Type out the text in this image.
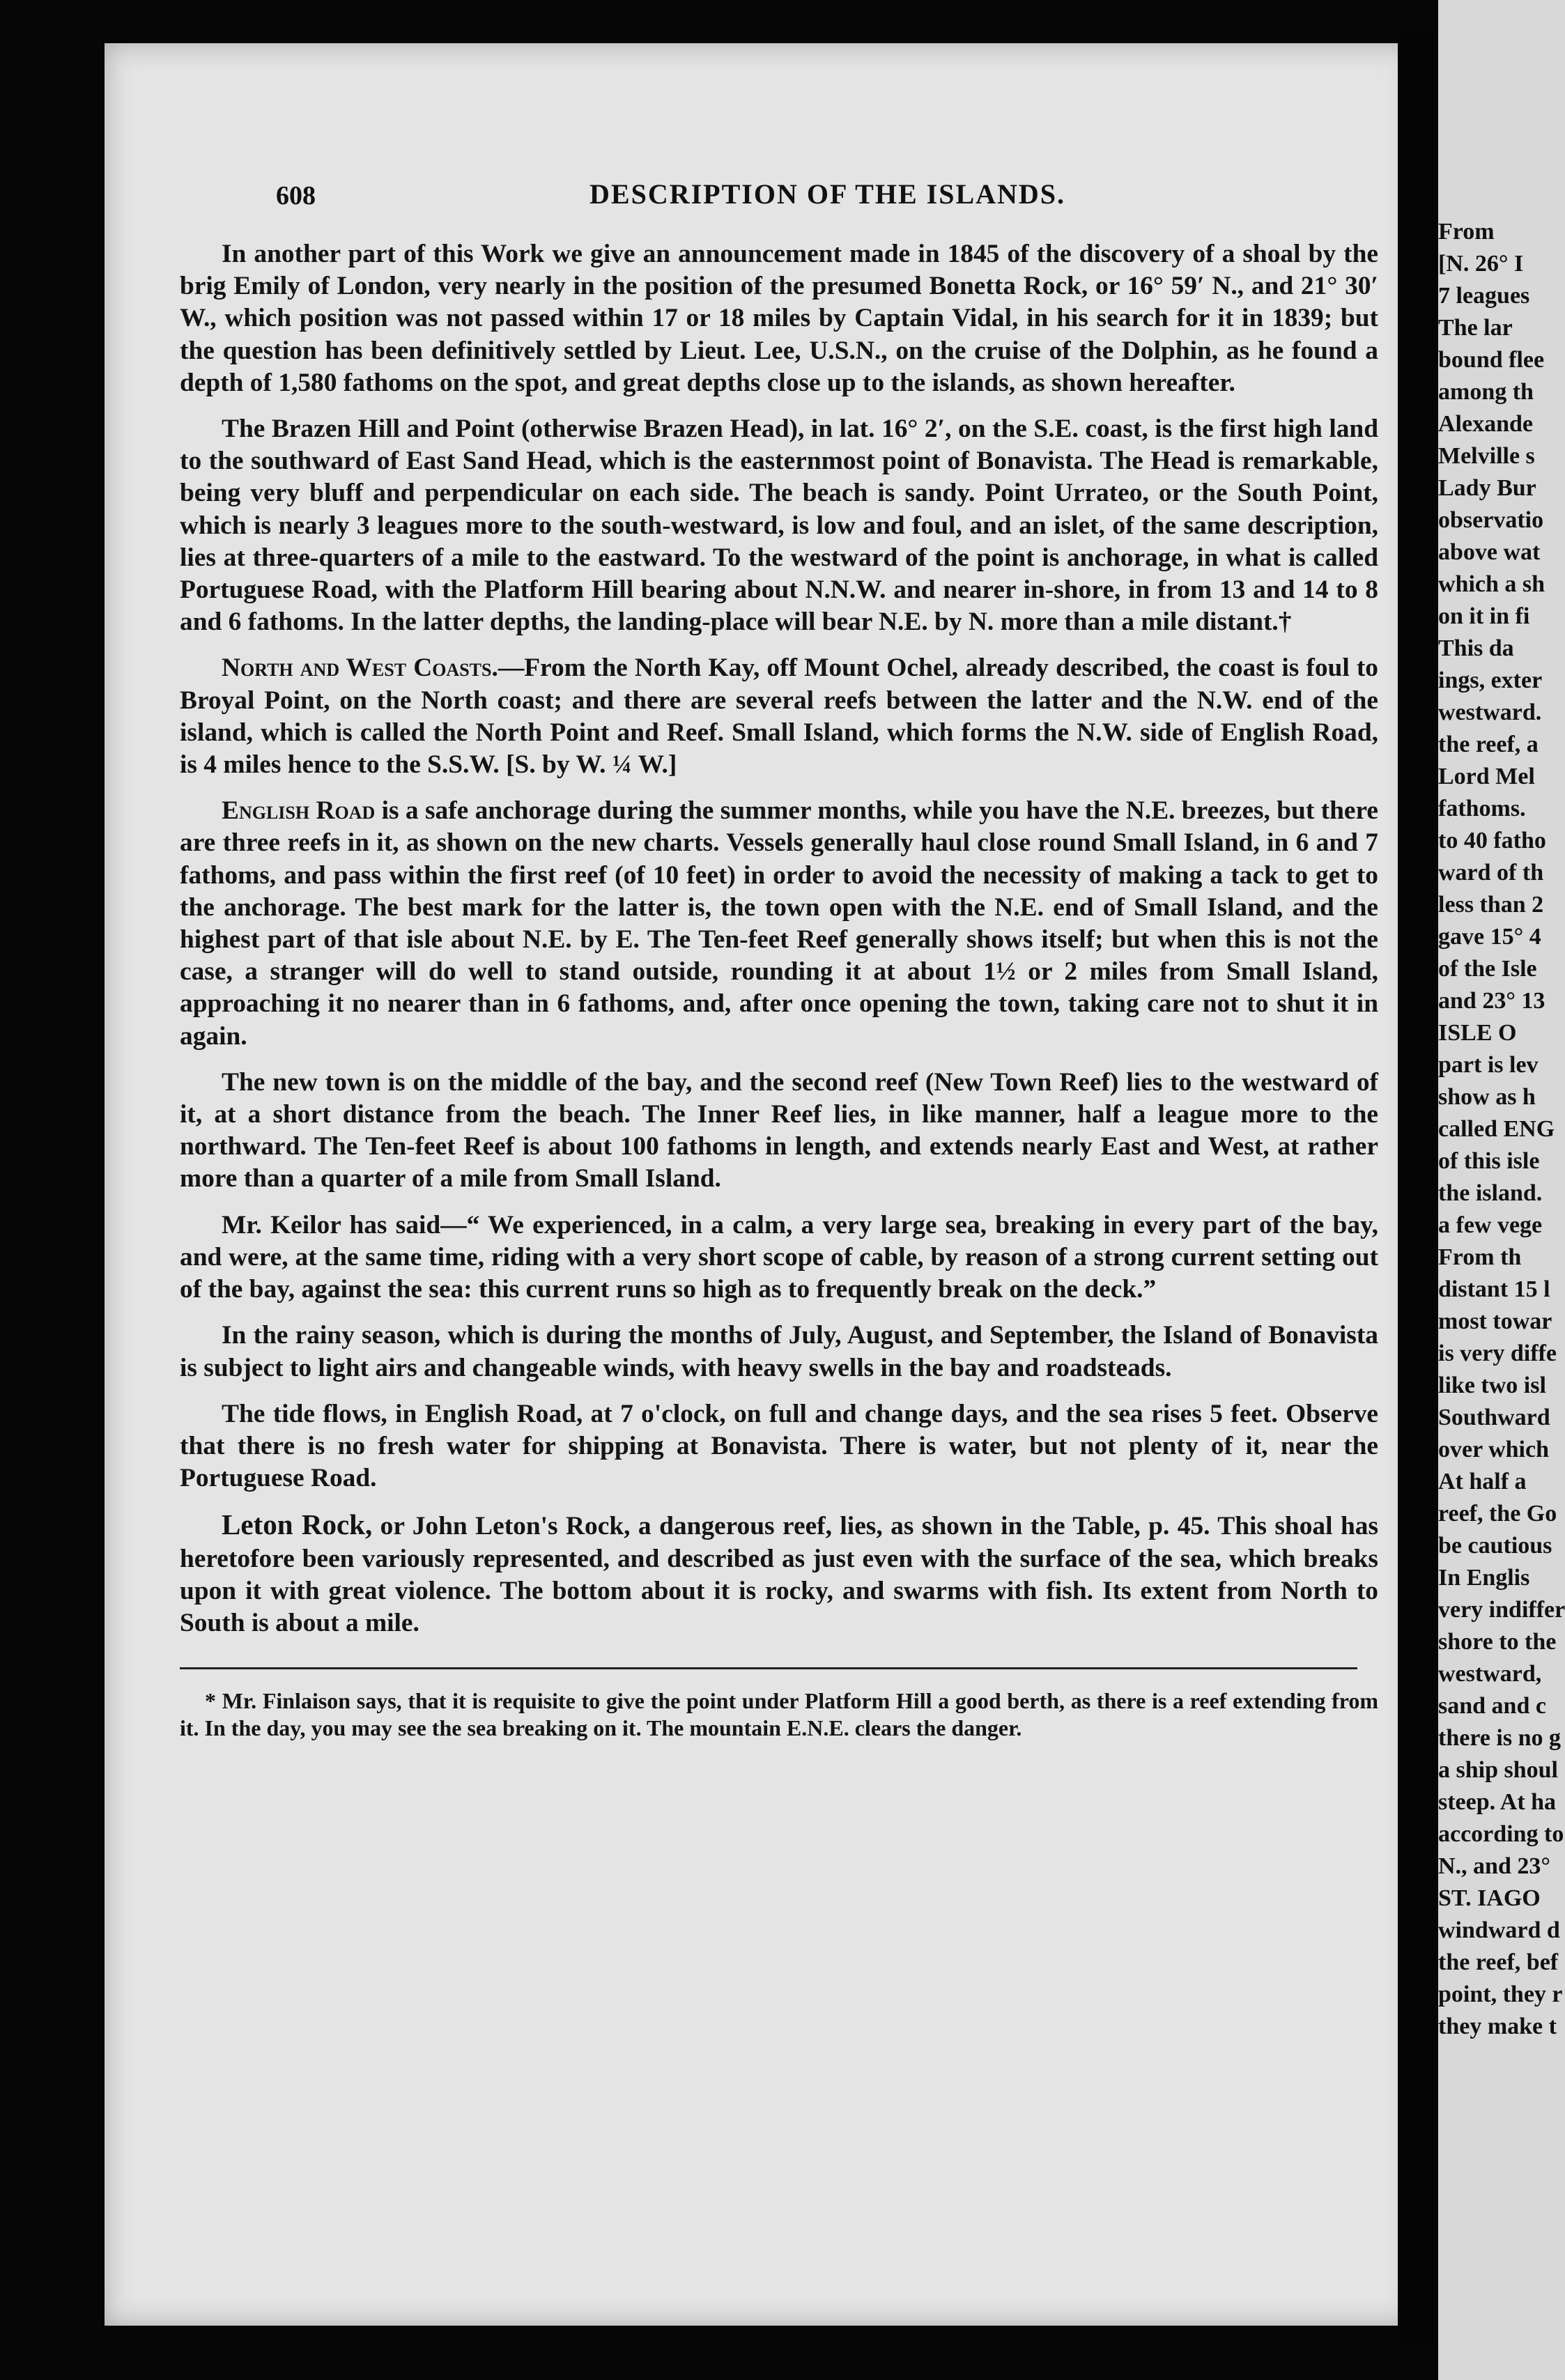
From

[N. 26° I

7 leagues

The lar

bound flee

among th

Alexande

Melville s

Lady Bur

observatio

above wat

which a sh

on it in fi

This da

ings, exter

westward.

the reef, a

Lord Mel

fathoms.

to 40 fatho

ward of th

less than 2

gave 15° 4

of the Isle

and 23° 13

ISLE O

part is lev

show as h

called ENG

of this isle

the island.

a few vege

From th

distant 15 l

most towar

is very diffe

like two isl

Southward

over which

At half a

reef, the Go

be cautious

In Englis

very indiffer

shore to the

westward,

sand and c

there is no g

a ship shoul

steep. At ha

according to

N., and 23°

ST. IAGO

windward d

the reef, bef

point, they r

they make t

608	DESCRIPTION OF THE ISLANDS.

In another part of this Work we give an announcement made in 1845 of the discovery of a shoal by the brig Emily of London, very nearly in the position of the presumed Bonetta Rock, or 16° 59′ N., and 21° 30′ W., which position was not passed within 17 or 18 miles by Captain Vidal, in his search for it in 1839; but the question has been definitively settled by Lieut. Lee, U.S.N., on the cruise of the Dolphin, as he found a depth of 1,580 fathoms on the spot, and great depths close up to the islands, as shown hereafter.

The Brazen Hill and Point (otherwise Brazen Head), in lat. 16° 2′, on the S.E. coast, is the first high land to the southward of East Sand Head, which is the easternmost point of Bonavista. The Head is remarkable, being very bluff and perpendicular on each side. The beach is sandy. Point Urrateo, or the South Point, which is nearly 3 leagues more to the south-westward, is low and foul, and an islet, of the same description, lies at three-quarters of a mile to the eastward. To the westward of the point is anchorage, in what is called Portuguese Road, with the Platform Hill bearing about N.N.W. and nearer in-shore, in from 13 and 14 to 8 and 6 fathoms. In the latter depths, the landing-place will bear N.E. by N. more than a mile distant.†

North and West Coasts.—From the North Kay, off Mount Ochel, already described, the coast is foul to Broyal Point, on the North coast; and there are several reefs between the latter and the N.W. end of the island, which is called the North Point and Reef. Small Island, which forms the N.W. side of English Road, is 4 miles hence to the S.S.W. [S. by W. ¼ W.]

English Road is a safe anchorage during the summer months, while you have the N.E. breezes, but there are three reefs in it, as shown on the new charts. Vessels generally haul close round Small Island, in 6 and 7 fathoms, and pass within the first reef (of 10 feet) in order to avoid the necessity of making a tack to get to the anchorage. The best mark for the latter is, the town open with the N.E. end of Small Island, and the highest part of that isle about N.E. by E. The Ten-feet Reef generally shows itself; but when this is not the case, a stranger will do well to stand outside, rounding it at about 1½ or 2 miles from Small Island, approaching it no nearer than in 6 fathoms, and, after once opening the town, taking care not to shut it in again.

The new town is on the middle of the bay, and the second reef (New Town Reef) lies to the westward of it, at a short distance from the beach. The Inner Reef lies, in like manner, half a league more to the northward. The Ten-feet Reef is about 100 fathoms in length, and extends nearly East and West, at rather more than a quarter of a mile from Small Island.

Mr. Keilor has said—“ We experienced, in a calm, a very large sea, breaking in every part of the bay, and were, at the same time, riding with a very short scope of cable, by reason of a strong current setting out of the bay, against the sea: this current runs so high as to frequently break on the deck.”

In the rainy season, which is during the months of July, August, and September, the Island of Bonavista is subject to light airs and changeable winds, with heavy swells in the bay and roadsteads.

The tide flows, in English Road, at 7 o'clock, on full and change days, and the sea rises 5 feet. Observe that there is no fresh water for shipping at Bonavista. There is water, but not plenty of it, near the Portuguese Road.

Leton Rock, or John Leton's Rock, a dangerous reef, lies, as shown in the Table, p. 45. This shoal has heretofore been variously represented, and described as just even with the surface of the sea, which breaks upon it with great violence. The bottom about it is rocky, and swarms with fish. Its extent from North to South is about a mile.

* Mr. Finlaison says, that it is requisite to give the point under Platform Hill a good berth, as there is a reef extending from it. In the day, you may see the sea breaking on it. The mountain E.N.E. clears the danger.
